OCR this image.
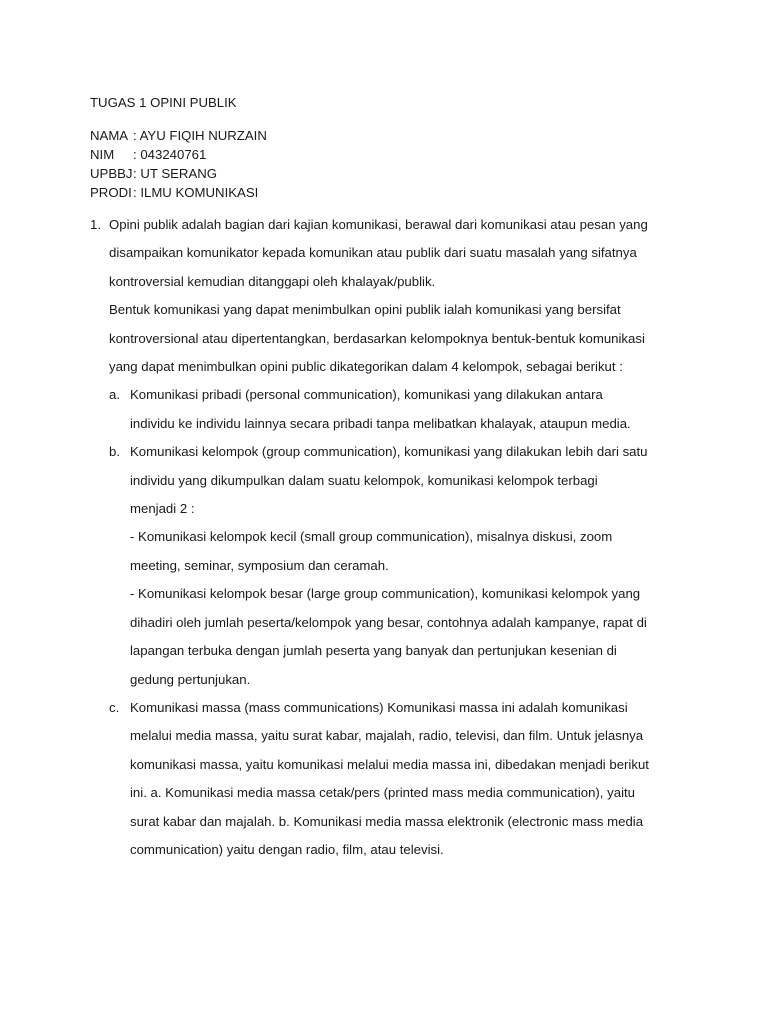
TUGAS 1 OPINI PUBLIK
NAMA : AYU FIQIH NURZAIN
NIM	: 043240761
UPBBJ : UT SERANG
PRODI : ILMU KOMUNIKASI
1. Opini publik adalah bagian dari kajian komunikasi, berawal dari komunikasi atau pesan yang
disampaikan komunikator kepada komunikan atau publik dari suatu masalah yang sifatnya
kontroversial kemudian ditanggapi oleh khalayak/publik.
Bentuk komunikasi yang dapat menimbulkan opini publik ialah komunikasi yang bersifat
kontroversional atau dipertentangkan, berdasarkan kelompoknya bentuk-bentuk komunikasi
yang dapat menimbulkan opini public dikategorikan dalam 4 kelompok, sebagai berikut :
a. Komunikasi pribadi (personal communication), komunikasi yang dilakukan antara
individu ke individu lainnya secara pribadi tanpa melibatkan khalayak, ataupun media.
b. Komunikasi kelompok (group communication), komunikasi yang dilakukan lebih dari satu
individu yang dikumpulkan dalam suatu kelompok, komunikasi kelompok terbagi
menjadi 2 :
- Komunikasi kelompok kecil (small group communication), misalnya diskusi, zoom
meeting, seminar, symposium dan ceramah.
- Komunikasi kelompok besar (large group communication), komunikasi kelompok yang
dihadiri oleh jumlah peserta/kelompok yang besar, contohnya adalah kampanye, rapat di
lapangan terbuka dengan jumlah peserta yang banyak dan pertunjukan kesenian di
gedung pertunjukan.
c. Komunikasi massa (mass communications) Komunikasi massa ini adalah komunikasi
melalui media massa, yaitu surat kabar, majalah, radio, televisi, dan film. Untuk jelasnya
komunikasi massa, yaitu komunikasi melalui media massa ini, dibedakan menjadi berikut
ini. a. Komunikasi media massa cetak/pers (printed mass media communication), yaitu
surat kabar dan majalah. b. Komunikasi media massa elektronik (electronic mass media
communication) yaitu dengan radio, film, atau televisi.
